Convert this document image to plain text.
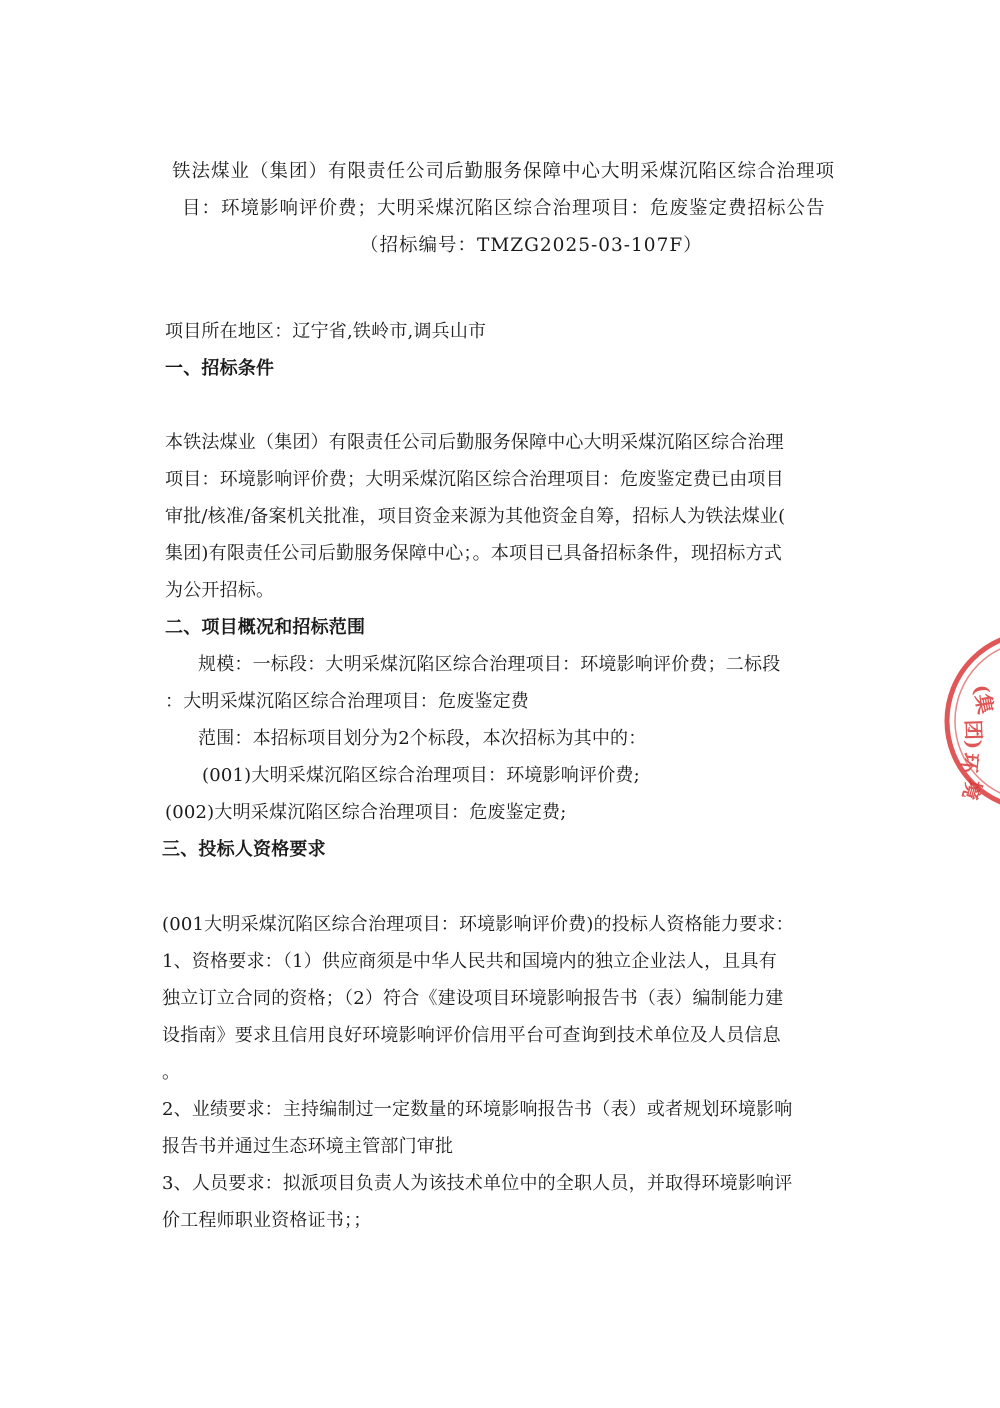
铁法煤业（集团）有限责任公司后勤服务保障中心大明采煤沉陷区综合治理项
目：环境影响评价费；大明采煤沉陷区综合治理项目：危废鉴定费招标公告
（招标编号：TMZG2025-03-107F）
项目所在地区：辽宁省,铁岭市,调兵山市
一、招标条件
本铁法煤业（集团）有限责任公司后勤服务保障中心大明采煤沉陷区综合治理
项目：环境影响评价费；大明采煤沉陷区综合治理项目：危废鉴定费已由项目
审批/核准/备案机关批准，项目资金来源为其他资金自筹，招标人为铁法煤业(
集团)有限责任公司后勤服务保障中心；。本项目已具备招标条件，现招标方式
为公开招标。
二、项目概况和招标范围
规模：一标段：大明采煤沉陷区综合治理项目：环境影响评价费；二标段
：大明采煤沉陷区综合治理项目：危废鉴定费
范围：本招标项目划分为2个标段，本次招标为其中的：
(001)大明采煤沉陷区综合治理项目：环境影响评价费;
(002)大明采煤沉陷区综合治理项目：危废鉴定费;
三、投标人资格要求
(001大明采煤沉陷区综合治理项目：环境影响评价费)的投标人资格能力要求：
1、资格要求：（1）供应商须是中华人民共和国境内的独立企业法人，且具有
独立订立合同的资格；（2）符合《建设项目环境影响报告书（表）编制能力建
设指南》要求且信用良好环境影响评价信用平台可查询到技术单位及人员信息
。
2、业绩要求：主持编制过一定数量的环境影响报告书（表）或者规划环境影响
报告书并通过生态环境主管部门审批
3、人员要求：拟派项目负责人为该技术单位中的全职人员，并取得环境影响评
价工程师职业资格证书；；
(集
团)
环
境
